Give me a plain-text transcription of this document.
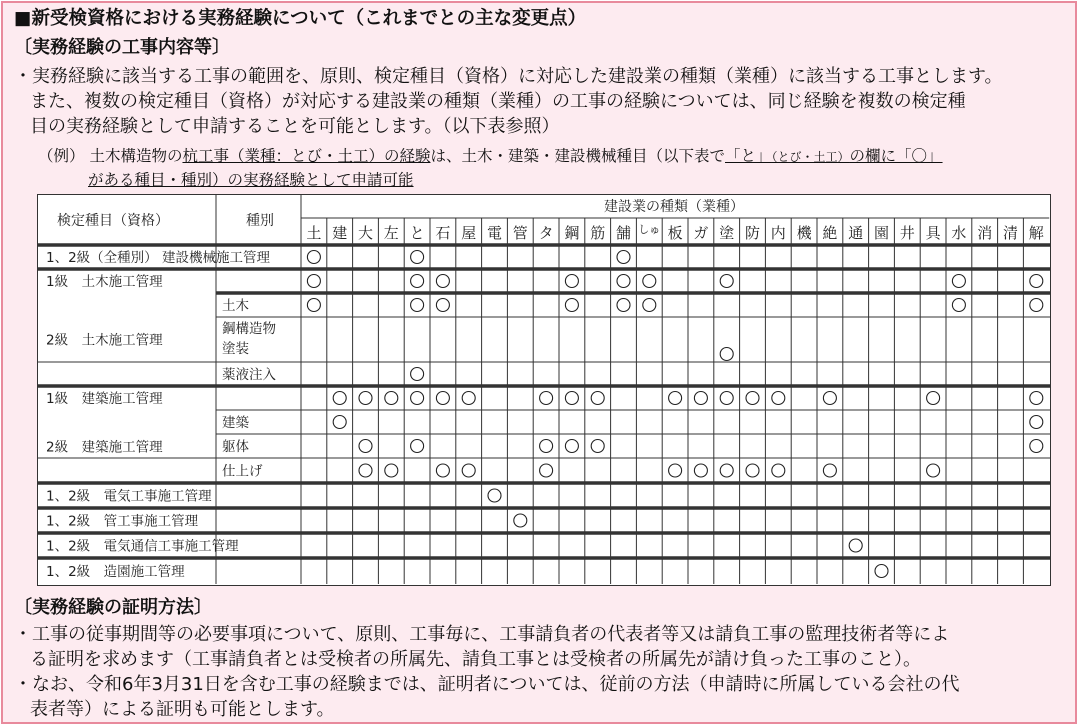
■新受検資格における実務経験について（これまでとの主な変更点）
〔実務経験の工事内容等〕
・実務経験に該当する工事の範囲を、原則、検定種目（資格）に対応した建設業の種類（業種）に該当する工事とします。
また、複数の検定種目（資格）が対応する建設業の種類（業種）の工事の経験については、同じ経験を複数の検定種
目の実務経験として申請することを可能とします。（以下表参照）
（例） 土木構造物の杭工事（業種：とび・土工）の経験は、土木・建築・建設機械種目（以下表で「と」（とび・土工）の欄に「〇」
がある種目・種別）の実務経験として申請可能
検定種目（資格）	種別
建設業の種類（業種）
土 建 大 左 と 石 屋 電 管 タ 鋼 筋 舗 しゅ 板 ガ 塗 防 内 機 絶 通 園 井 具 水 消 清 解
1、2級（全種別） 建設機械施工管理
1級　土木施工管理
2級　土木施工管理
土木
鋼構造物
塗装
薬液注入
1級　建築施工管理
2級　建築施工管理
建築
躯体
仕上げ
1、2級　電気工事施工管理
1、2級　管工事施工管理
1、2級　電気通信工事施工管理
1、2級　造園施工管理
〔実務経験の証明方法〕
・工事の従事期間等の必要事項について、原則、工事毎に、工事請負者の代表者等又は請負工事の監理技術者等によ
る証明を求めます（工事請負者とは受検者の所属先、請負工事とは受検者の所属先が請け負った工事のこと）。
・なお、令和6年3月31日を含む工事の経験までは、証明者については、従前の方法（申請時に所属している会社の代
表者等）による証明も可能とします。
